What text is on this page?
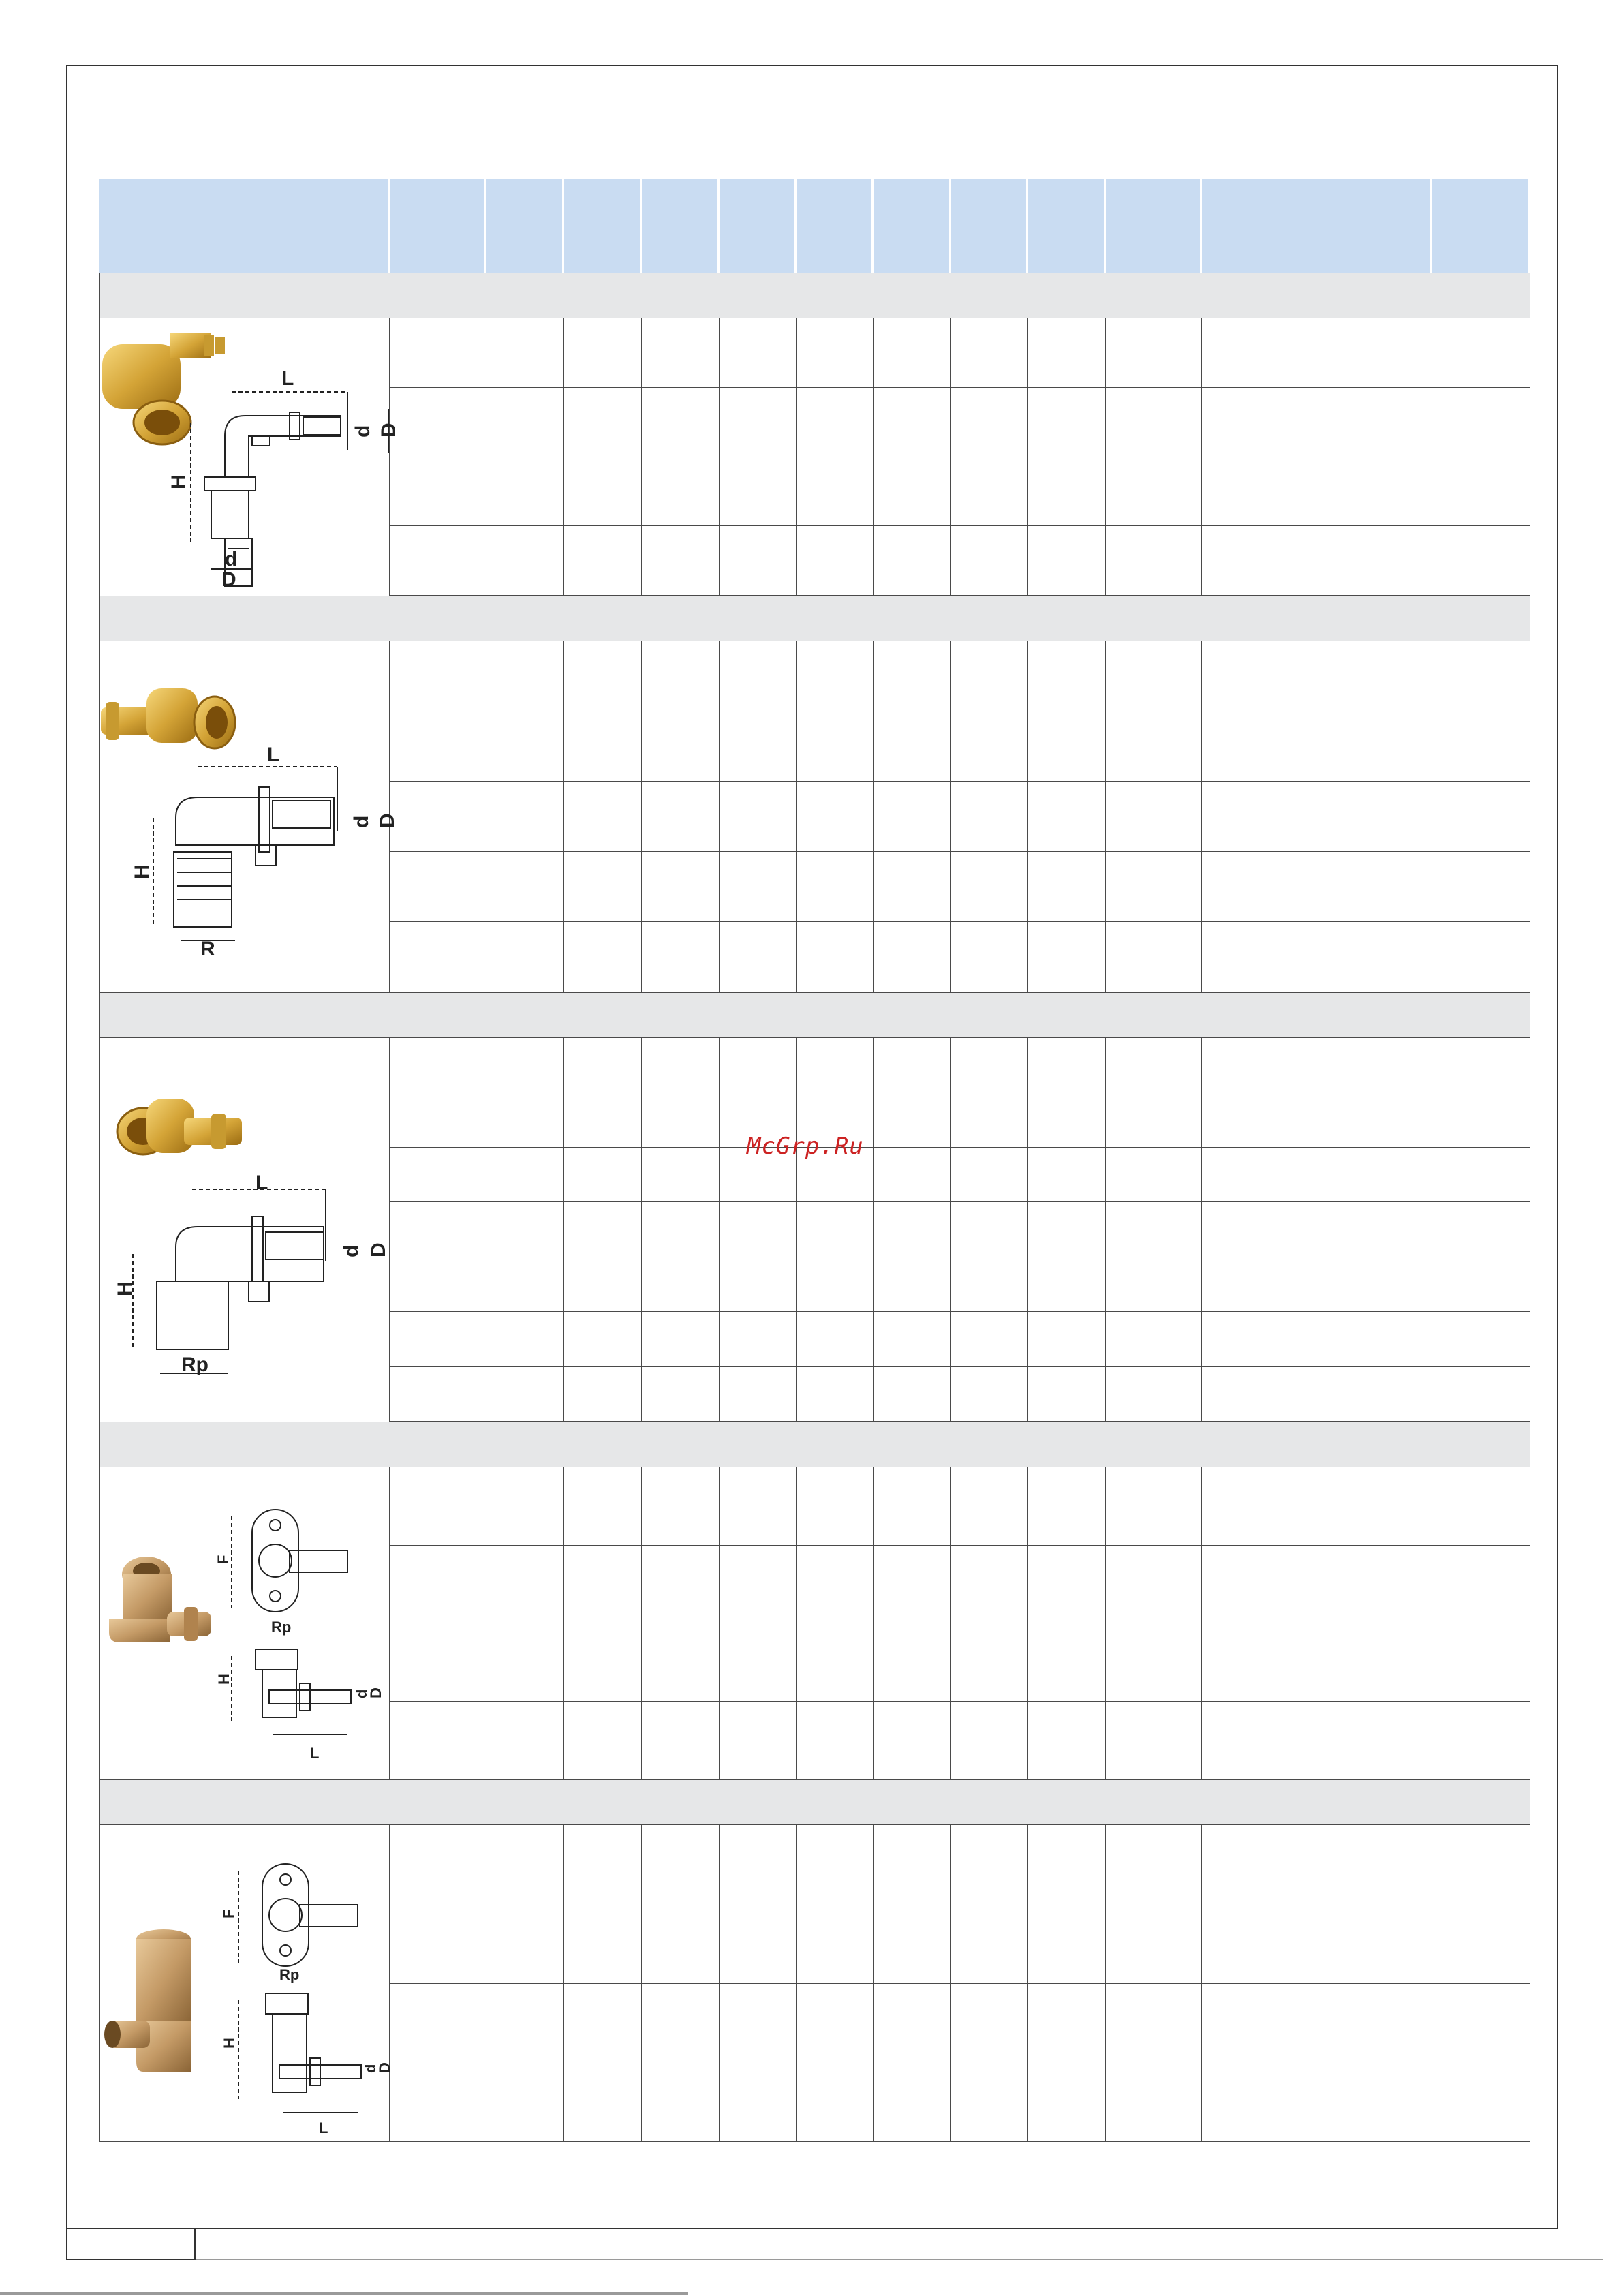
L
d D
H
d
D
L
d D
H
R
L
d D
H
Rp
F
Rp
H
d
D
L
F
Rp
H
d
D
L
McGrp.Ru
